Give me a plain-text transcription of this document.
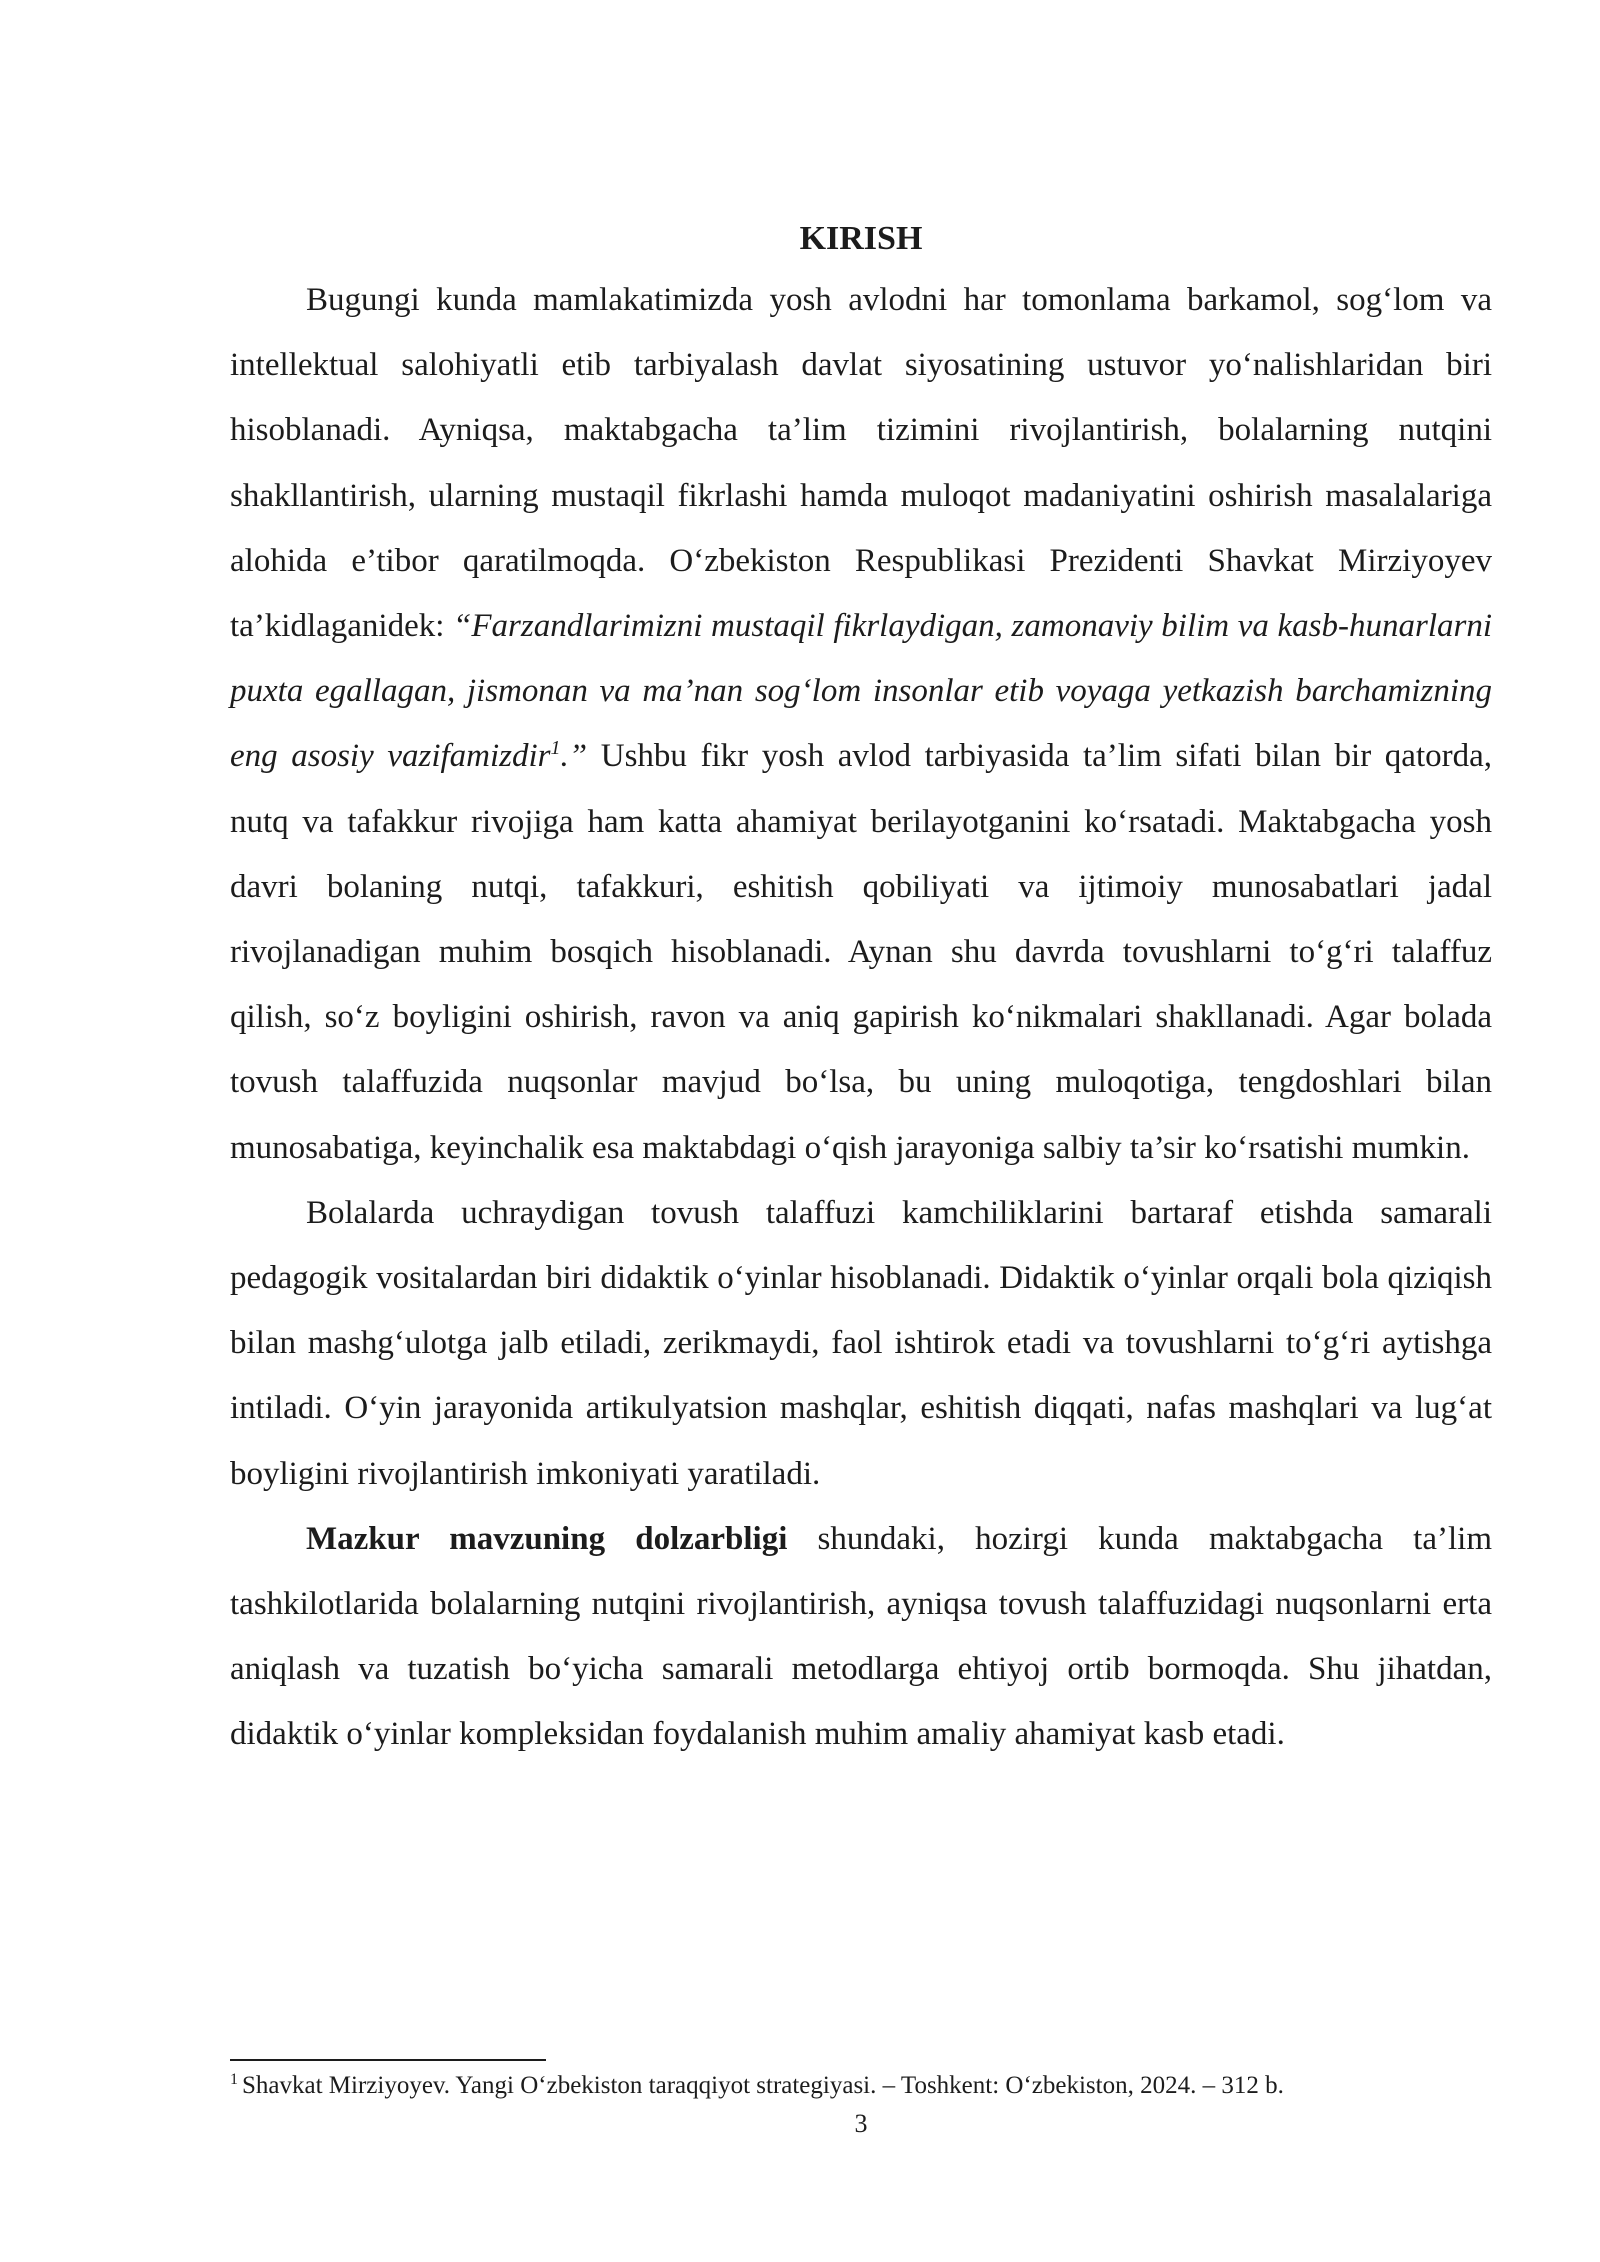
KIRISH

Bugungi kunda mamlakatimizda yosh avlodni har tomonlama barkamol, sog‘lom va intellektual salohiyatli etib tarbiyalash davlat siyosatining ustuvor yo‘nalishlaridan biri hisoblanadi. Ayniqsa, maktabgacha ta’lim tizimini rivojlantirish, bolalarning nutqini shakllantirish, ularning mustaqil fikrlashi hamda muloqot madaniyatini oshirish masalalariga alohida e’tibor qaratilmoqda. O‘zbekiston Respublikasi Prezidenti Shavkat Mirziyoyev ta’kidlaganidek: “Farzandlarimizni mustaqil fikrlaydigan, zamonaviy bilim va kasb-hunarlarni puxta egallagan, jismonan va ma’nan sog‘lom insonlar etib voyaga yetkazish barchamizning eng asosiy vazifamizdir$^1$.” Ushbu fikr yosh avlod tarbiyasida ta’lim sifati bilan bir qatorda, nutq va tafakkur rivojiga ham katta ahamiyat berilayotganini ko‘rsatadi. Maktabgacha yosh davri bolaning nutqi, tafakkuri, eshitish qobiliyati va ijtimoiy munosabatlari jadal rivojlanadigan muhim bosqich hisoblanadi. Aynan shu davrda tovushlarni to‘g‘ri talaffuz qilish, so‘z boyligini oshirish, ravon va aniq gapirish ko‘nikmalari shakllanadi. Agar bolada tovush talaffuzida nuqsonlar mavjud bo‘lsa, bu uning muloqotiga, tengdoshlari bilan munosabatiga, keyinchalik esa maktabdagi o‘qish jarayoniga salbiy ta’sir ko‘rsatishi mumkin.

Bolalarda uchraydigan tovush talaffuzi kamchiliklarini bartaraf etishda samarali pedagogik vositalardan biri didaktik o‘yinlar hisoblanadi. Didaktik o‘yinlar orqali bola qiziqish bilan mashg‘ulotga jalb etiladi, zerikmaydi, faol ishtirok etadi va tovushlarni to‘g‘ri aytishga intiladi. O‘yin jarayonida artikulyatsion mashqlar, eshitish diqqati, nafas mashqlari va lug‘at boyligini rivojlantirish imkoniyati yaratiladi.

Mazkur mavzuning dolzarbligi shundaki, hozirgi kunda maktabgacha ta’lim tashkilotlarida bolalarning nutqini rivojlantirish, ayniqsa tovush talaffuzidagi nuqsonlarni erta aniqlash va tuzatish bo‘yicha samarali metodlarga ehtiyoj ortib bormoqda. Shu jihatdan, didaktik o‘yinlar kompleksidan foydalanish muhim amaliy ahamiyat kasb etadi.

$^1$ Shavkat Mirziyoyev. Yangi O‘zbekiston taraqqiyot strategiyasi. – Toshkent: O‘zbekiston, 2024. – 312 b.
3
